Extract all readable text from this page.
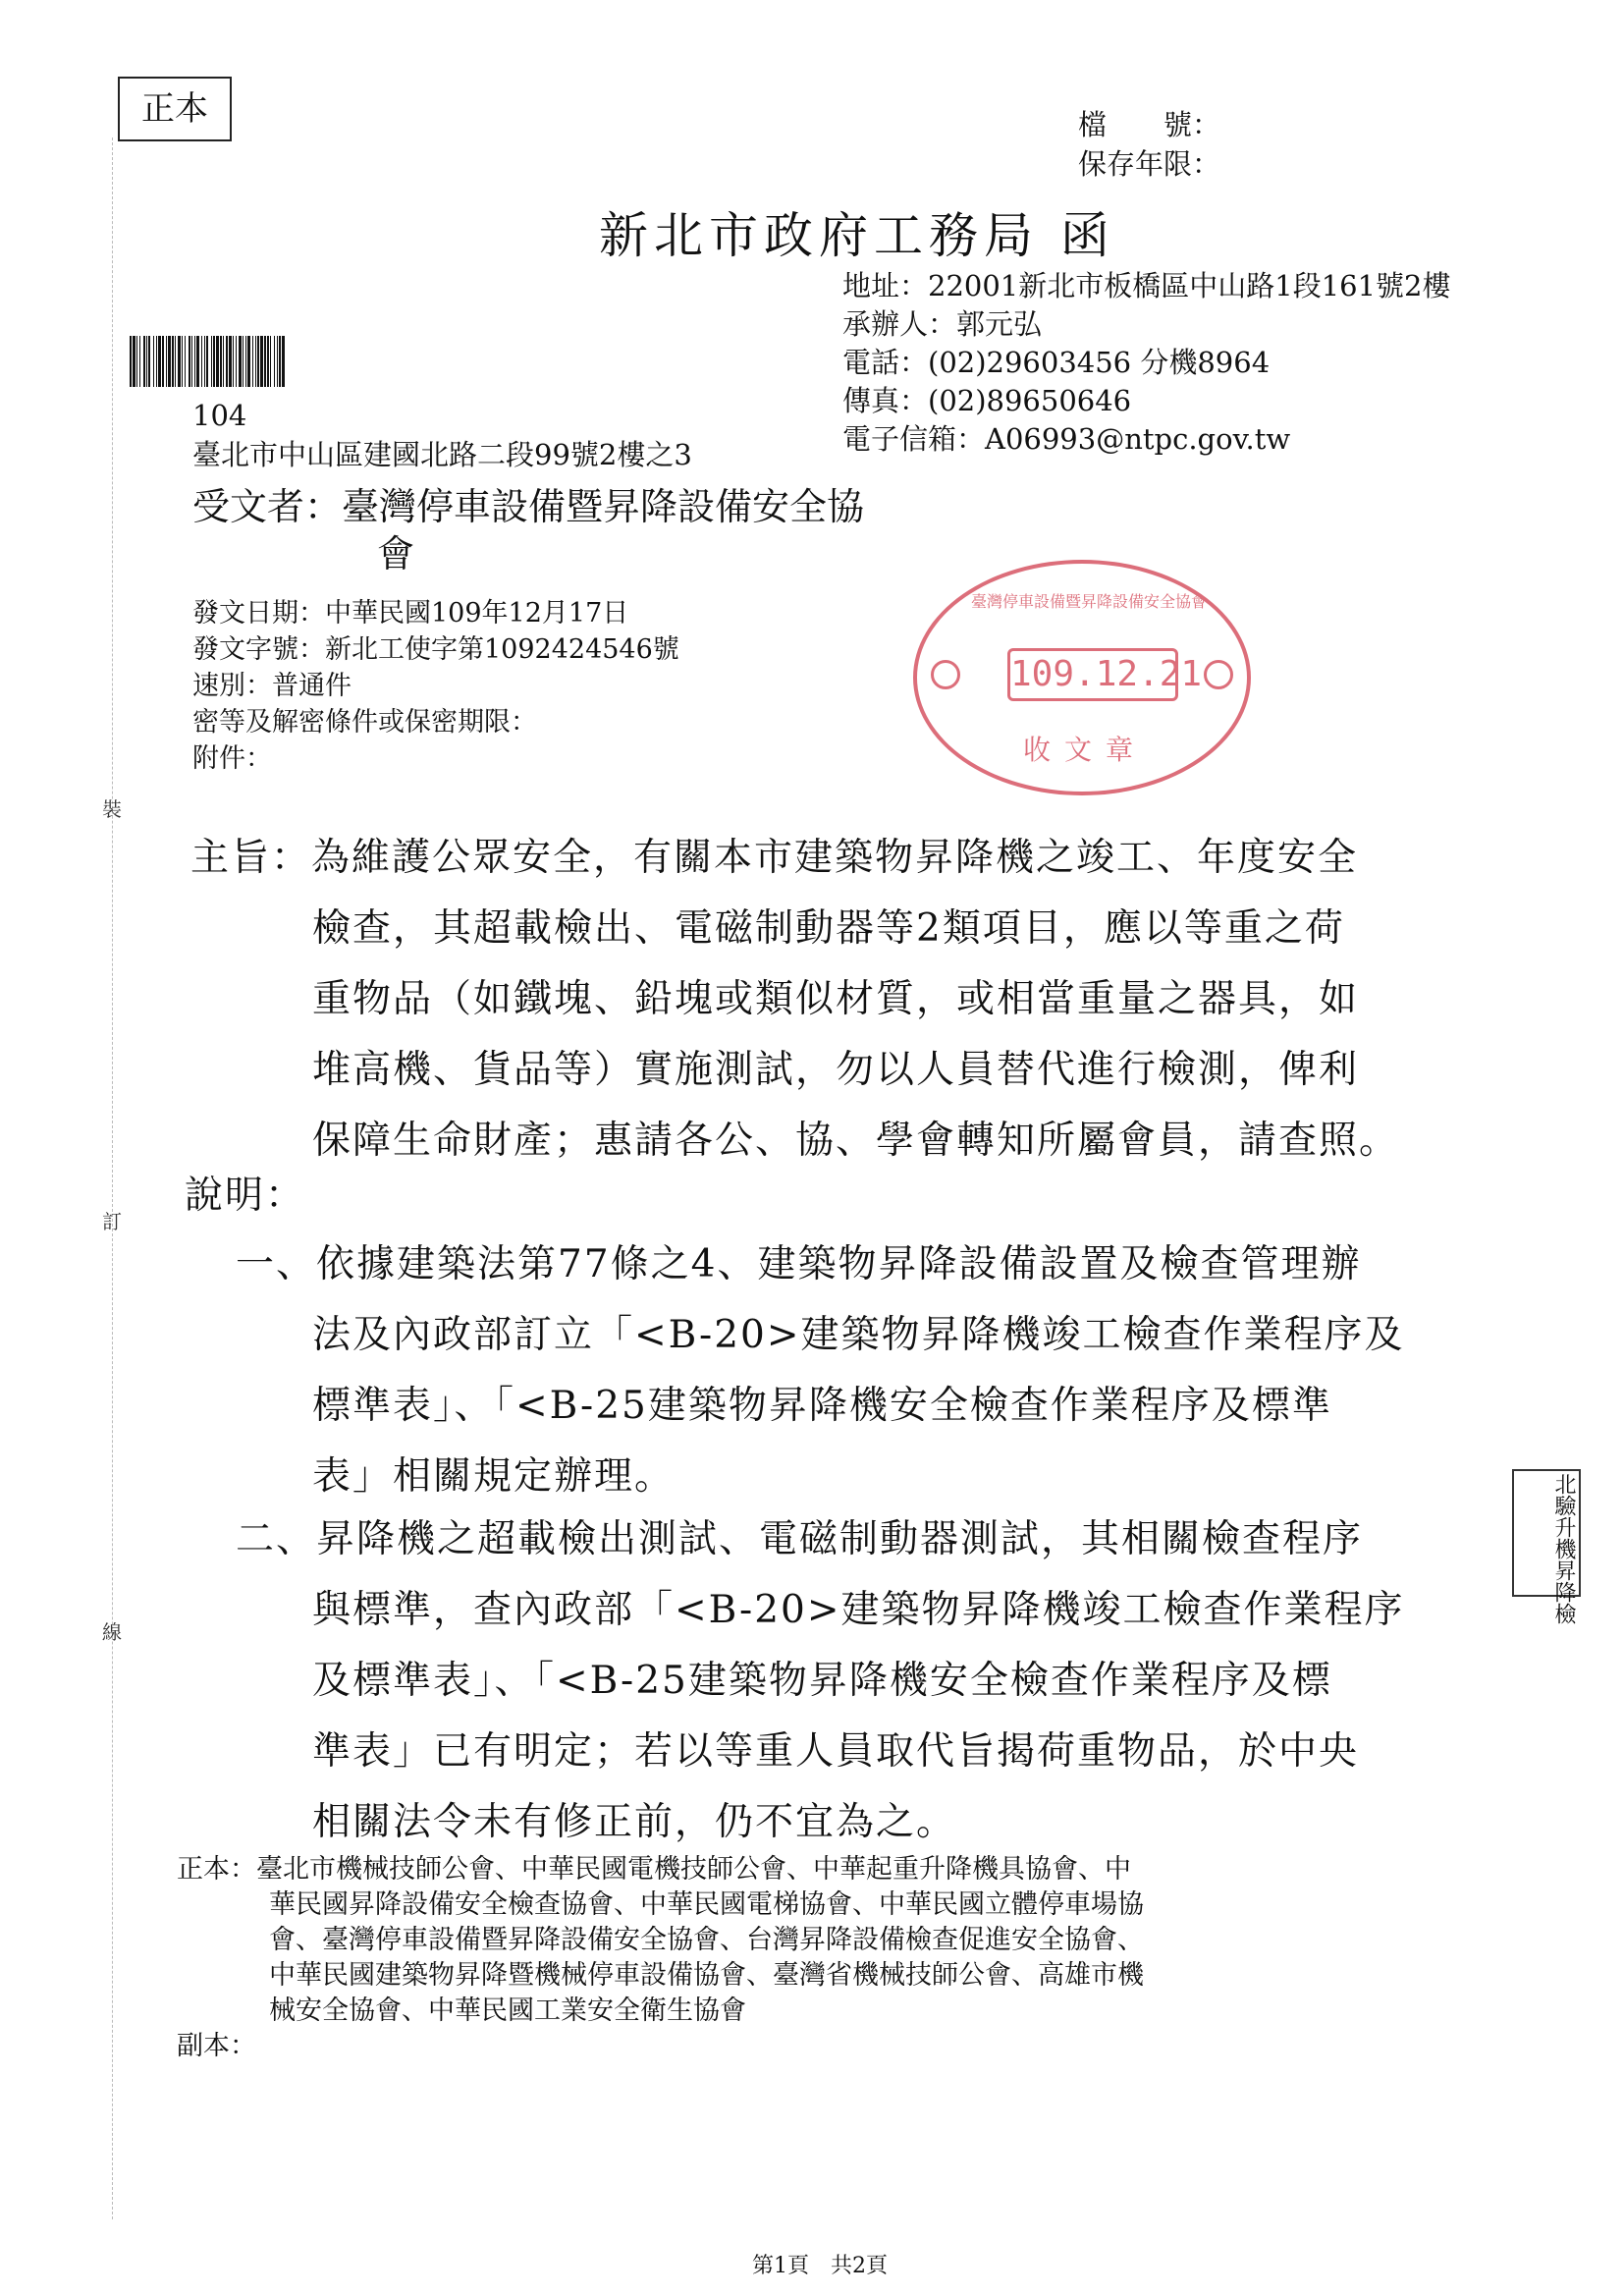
裝
訂
線
正本	檔　　號：
保存年限：
新北市政府工務局 函
地址：22001新北市板橋區中山路1段161號2樓
承辦人：郭元弘
電話：(02)29603456 分機8964
傳真：(02)89650646
電子信箱：A06993@ntpc.gov.tw
104
臺北市中山區建國北路二段99號2樓之3
受文者：臺灣停車設備暨昇降設備安全協
會
發文日期：中華民國109年12月17日
發文字號：新北工使字第1092424546號
速別：普通件
密等及解密條件或保密期限：
附件：
臺灣停車設備暨昇降設備安全協會
109.12.21
收文章
主旨：為維護公眾安全，有關本市建築物昇降機之竣工、年度安全
檢查，其超載檢出、電磁制動器等2類項目，應以等重之荷
重物品（如鐵塊、鉛塊或類似材質，或相當重量之器具，如
堆高機、貨品等）實施測試，勿以人員替代進行檢測，俾利
保障生命財產；惠請各公、協、學會轉知所屬會員，請查照。
說明：
一、依據建築法第77條之4、建築物昇降設備設置及檢查管理辦
法及內政部訂立「<B-20>建築物昇降機竣工檢查作業程序及
標準表」、「<B-25建築物昇降機安全檢查作業程序及標準
表」相關規定辦理。
二、昇降機之超載檢出測試、電磁制動器測試，其相關檢查程序
與標準，查內政部「<B-20>建築物昇降機竣工檢查作業程序
及標準表」、「<B-25建築物昇降機安全檢查作業程序及標
準表」已有明定；若以等重人員取代旨揭荷重物品，於中央
相關法令未有修正前，仍不宜為之。
北驗升機昇降檢
正本：臺北市機械技師公會、中華民國電機技師公會、中華起重升降機具協會、中
華民國昇降設備安全檢查協會、中華民國電梯協會、中華民國立體停車場協
會、臺灣停車設備暨昇降設備安全協會、台灣昇降設備檢查促進安全協會、
中華民國建築物昇降暨機械停車設備協會、臺灣省機械技師公會、高雄市機
械安全協會、中華民國工業安全衛生協會
副本：
第1頁　共2頁
